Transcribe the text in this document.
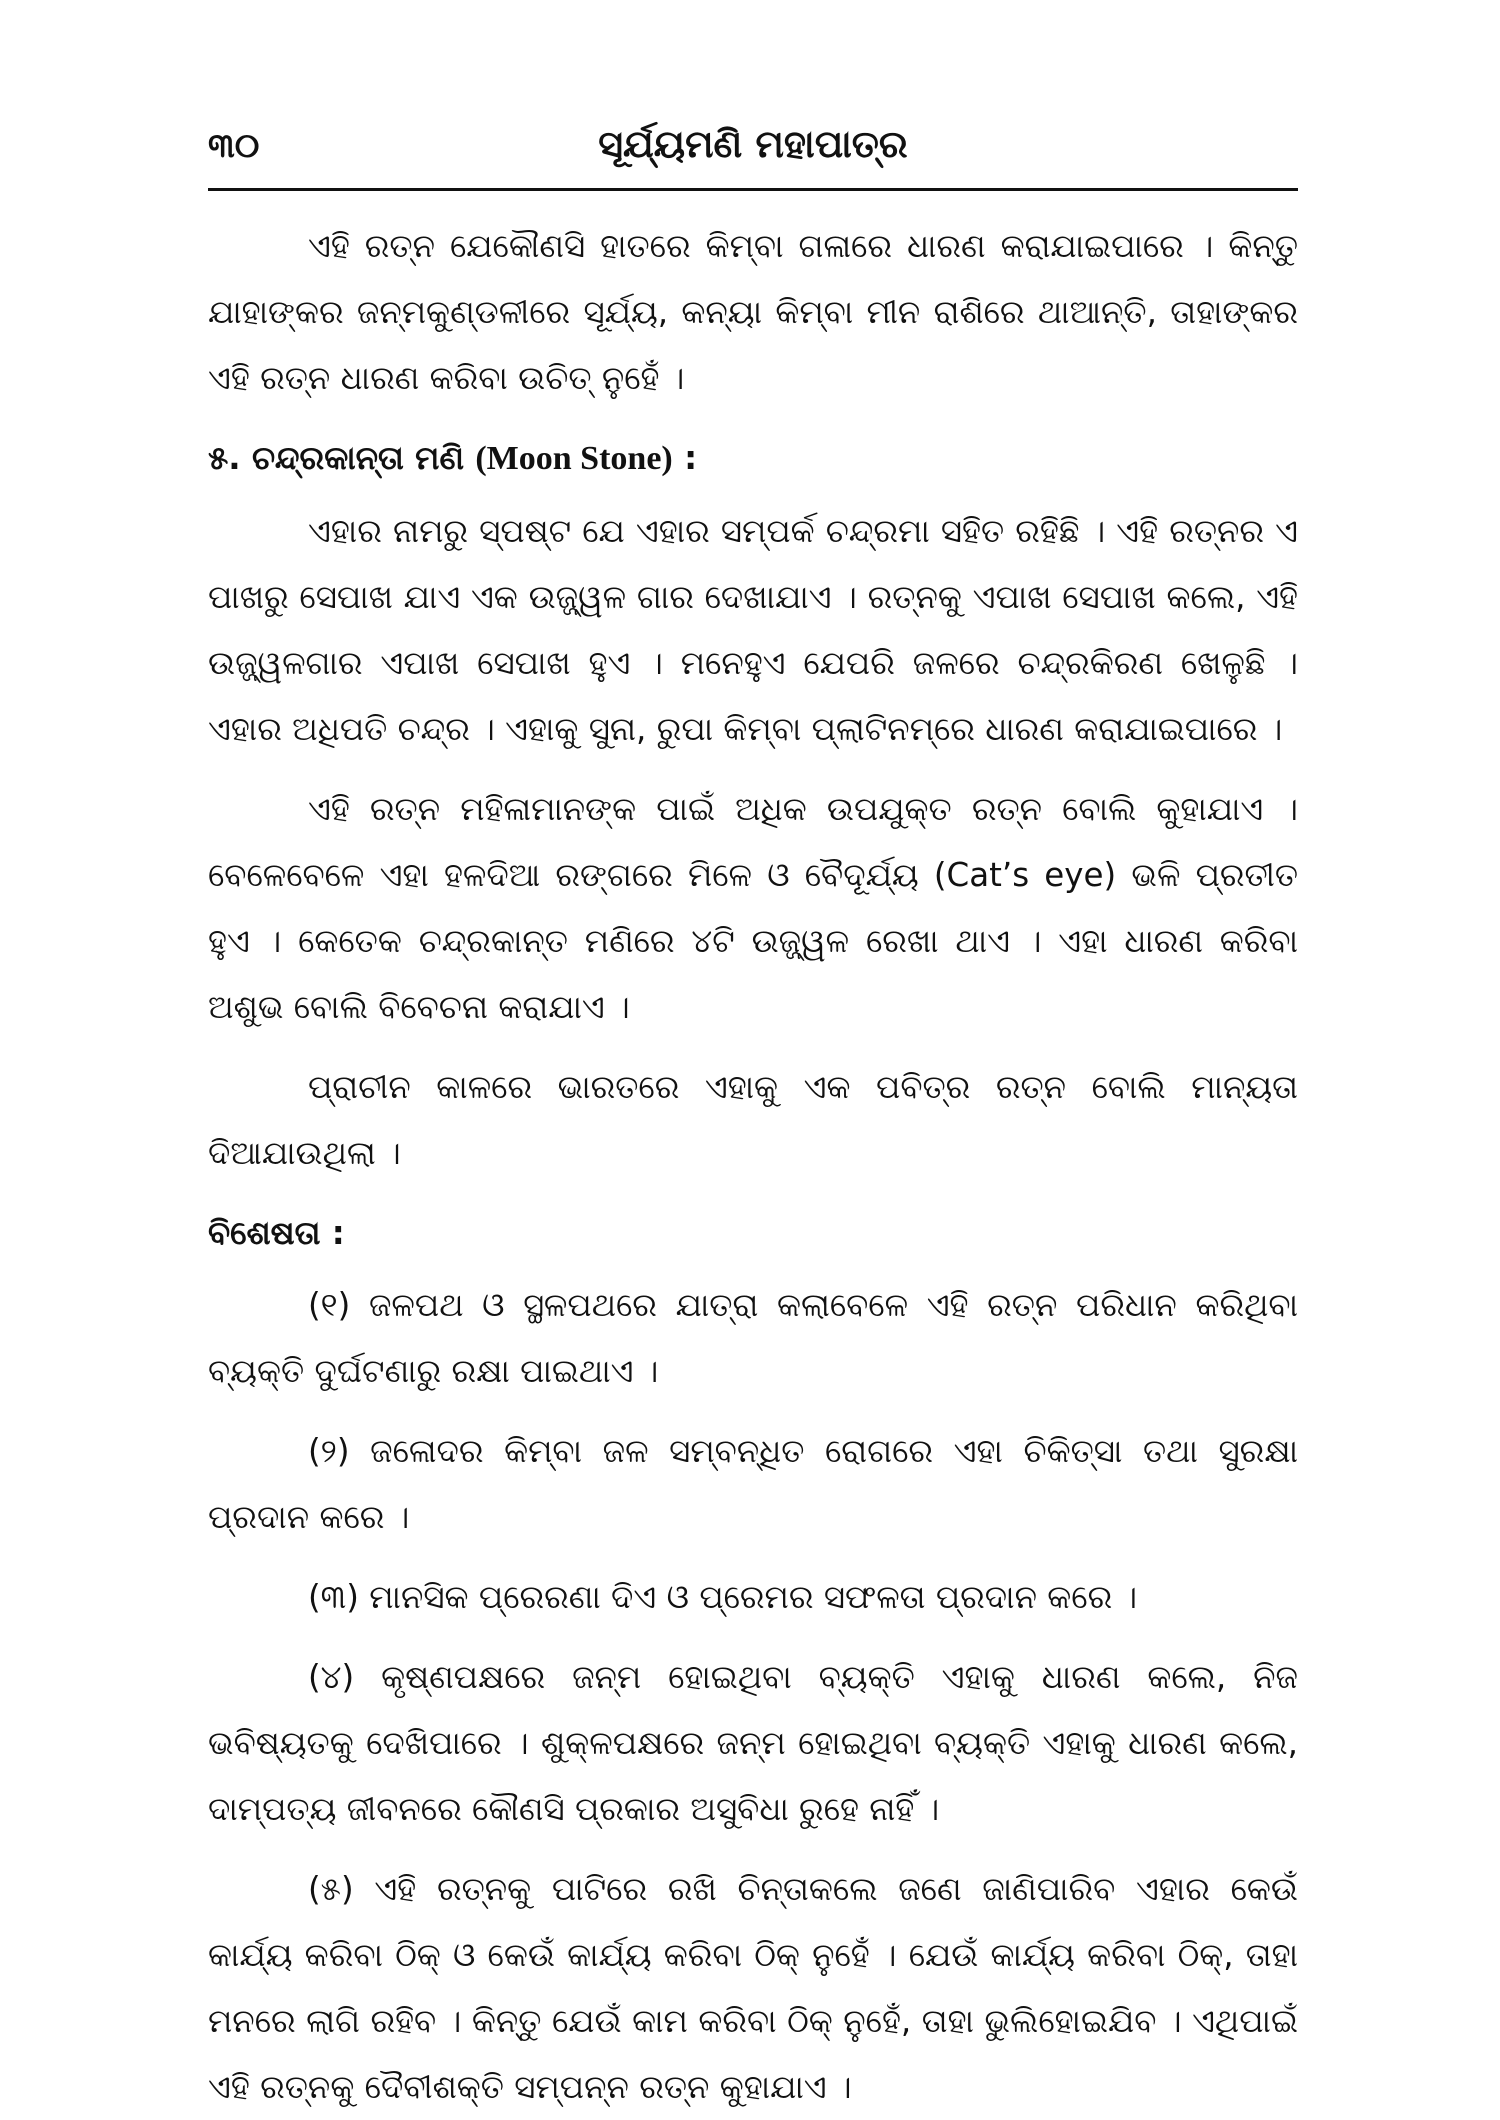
୩୦	ସୂର୍ଯ୍ୟମଣି ମହାପାତ୍ର

ଏହି ରତ୍ନ ଯେକୌଣସି ହାତରେ କିମ୍ବା ଗଳାରେ ଧାରଣ କରାଯାଇପାରେ । କିନ୍ତୁ ଯାହାଙ୍କର ଜନ୍ମକୁଣ୍ଡଳୀରେ ସୂର୍ଯ୍ୟ, କନ୍ୟା କିମ୍ବା ମୀନ ରାଶିରେ ଥାଆନ୍ତି, ତାହାଙ୍କର ଏହି ରତ୍ନ ଧାରଣ କରିବା ଉଚିତ୍ ନୁହେଁ ।

୫. ଚନ୍ଦ୍ରକାନ୍ତା ମଣି (Moon Stone) :

ଏହାର ନାମରୁ ସ୍ପଷ୍ଟ ଯେ ଏହାର ସମ୍ପର୍କ ଚନ୍ଦ୍ରମା ସହିତ ରହିଛି । ଏହି ରତ୍ନର ଏ ପାଖରୁ ସେପାଖ ଯାଏ ଏକ ଉଜ୍ଜ୍ୱଳ ଗାର ଦେଖାଯାଏ । ରତ୍ନକୁ ଏପାଖ ସେପାଖ କଲେ, ଏହି ଉଜ୍ଜ୍ୱଳଗାର ଏପାଖ ସେପାଖ ହୁଏ । ମନେହୁଏ ଯେପରି ଜଳରେ ଚନ୍ଦ୍ରକିରଣ ଖେଳୁଛି । ଏହାର ଅଧିପତି ଚନ୍ଦ୍ର । ଏହାକୁ ସୁନା, ରୁପା କିମ୍ବା ପ୍ଲାଟିନମ୍‌ରେ ଧାରଣ କରାଯାଇପାରେ ।

ଏହି ରତ୍ନ ମହିଳାମାନଙ୍କ ପାଇଁ ଅଧିକ ଉପଯୁକ୍ତ ରତ୍ନ ବୋଲି କୁହାଯାଏ । ବେଳେବେଳେ ଏହା ହଳଦିଆ ରଙ୍ଗରେ ମିଳେ ଓ ବୈଦୂର୍ଯ୍ୟ (Cat’s eye) ଭଳି ପ୍ରତୀତ ହୁଏ । କେତେକ ଚନ୍ଦ୍ରକାନ୍ତ ମଣିରେ ୪ଟି ଉଜ୍ଜ୍ୱଳ ରେଖା ଥାଏ । ଏହା ଧାରଣ କରିବା ଅଶୁଭ ବୋଲି ବିବେଚନା କରାଯାଏ ।

ପ୍ରାଚୀନ କାଳରେ ଭାରତରେ ଏହାକୁ ଏକ ପବିତ୍ର ରତ୍ନ ବୋଲି ମାନ୍ୟତା ଦିଆଯାଉଥିଲା ।

ବିଶେଷତା :

(୧) ଜଳପଥ ଓ ସ୍ଥଳପଥରେ ଯାତ୍ରା କଲାବେଳେ ଏହି ରତ୍ନ ପରିଧାନ କରିଥିବା ବ୍ୟକ୍ତି ଦୁର୍ଘଟଣାରୁ ରକ୍ଷା ପାଇଥାଏ ।

(୨) ଜଳୋଦର କିମ୍ବା ଜଳ ସମ୍ବନ୍ଧିତ ରୋଗରେ ଏହା ଚିକିତ୍ସା ତଥା ସୁରକ୍ଷା ପ୍ରଦାନ କରେ ।

(୩) ମାନସିକ ପ୍ରେରଣା ଦିଏ ଓ ପ୍ରେମର ସଫଳତା ପ୍ରଦାନ କରେ ।

(୪) କୃଷ୍ଣପକ୍ଷରେ ଜନ୍ମ ହୋଇଥିବା ବ୍ୟକ୍ତି ଏହାକୁ ଧାରଣ କଲେ, ନିଜ ଭବିଷ୍ୟତକୁ ଦେଖିପାରେ । ଶୁକ୍ଳପକ୍ଷରେ ଜନ୍ମ ହୋଇଥିବା ବ୍ୟକ୍ତି ଏହାକୁ ଧାରଣ କଲେ, ଦାମ୍ପତ୍ୟ ଜୀବନରେ କୌଣସି ପ୍ରକାର ଅସୁବିଧା ରୁହେ ନାହିଁ ।

(୫) ଏହି ରତ୍ନକୁ ପାଟିରେ ରଖି ଚିନ୍ତାକଲେ ଜଣେ ଜାଣିପାରିବ ଏହାର କେଉଁ କାର୍ଯ୍ୟ କରିବା ଠିକ୍ ଓ କେଉଁ କାର୍ଯ୍ୟ କରିବା ଠିକ୍ ନୁହେଁ । ଯେଉଁ କାର୍ଯ୍ୟ କରିବା ଠିକ୍, ତାହା ମନରେ ଲାଗି ରହିବ । କିନ୍ତୁ ଯେଉଁ କାମ କରିବା ଠିକ୍ ନୁହେଁ, ତାହା ଭୁଲିହୋଇଯିବ । ଏଥିପାଇଁ ଏହି ରତ୍ନକୁ ଦୈବୀଶକ୍ତି ସମ୍ପନ୍ନ ରତ୍ନ କୁହାଯାଏ ।
